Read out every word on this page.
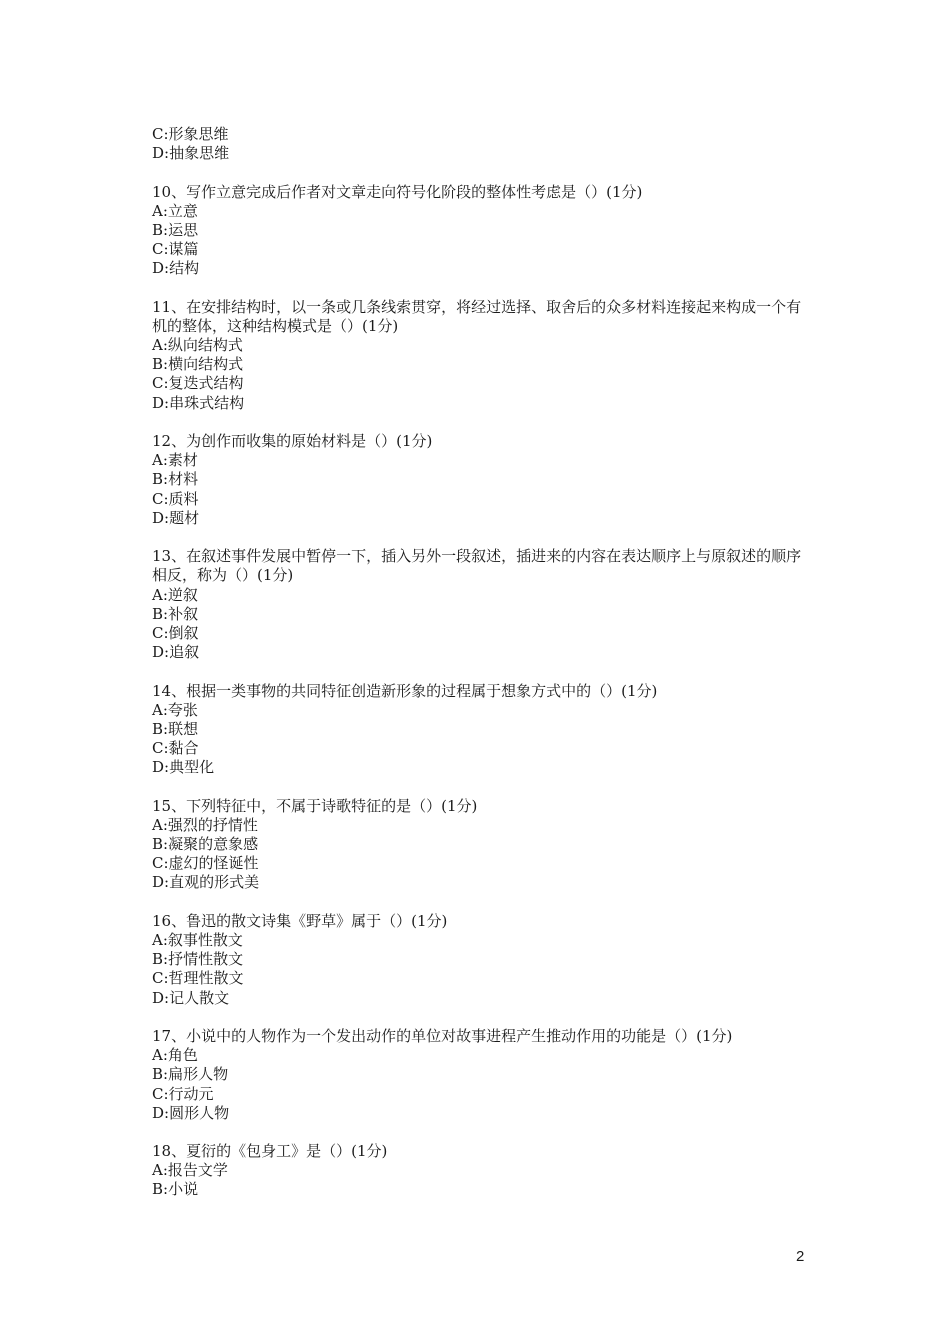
C:形象思维
D:抽象思维
10、写作立意完成后作者对文章走向符号化阶段的整体性考虑是（）(1分)
A:立意
B:运思
C:谋篇
D:结构
11、在安排结构时，以一条或几条线索贯穿，将经过选择、取舍后的众多材料连接起来构成一个有机的整体，这种结构模式是（）(1分)
A:纵向结构式
B:横向结构式
C:复迭式结构
D:串珠式结构
12、为创作而收集的原始材料是（）(1分)
A:素材
B:材料
C:质料
D:题材
13、在叙述事件发展中暂停一下，插入另外一段叙述，插进来的内容在表达顺序上与原叙述的顺序相反，称为（）(1分)
A:逆叙
B:补叙
C:倒叙
D:追叙
14、根据一类事物的共同特征创造新形象的过程属于想象方式中的（）(1分)
A:夸张
B:联想
C:黏合
D:典型化
15、下列特征中，不属于诗歌特征的是（）(1分)
A:强烈的抒情性
B:凝聚的意象感
C:虚幻的怪诞性
D:直观的形式美
16、鲁迅的散文诗集《野草》属于（）(1分)
A:叙事性散文
B:抒情性散文
C:哲理性散文
D:记人散文
17、小说中的人物作为一个发出动作的单位对故事进程产生推动作用的功能是（）(1分)
A:角色
B:扁形人物
C:行动元
D:圆形人物
18、夏衍的《包身工》是（）(1分)
A:报告文学
B:小说
2
